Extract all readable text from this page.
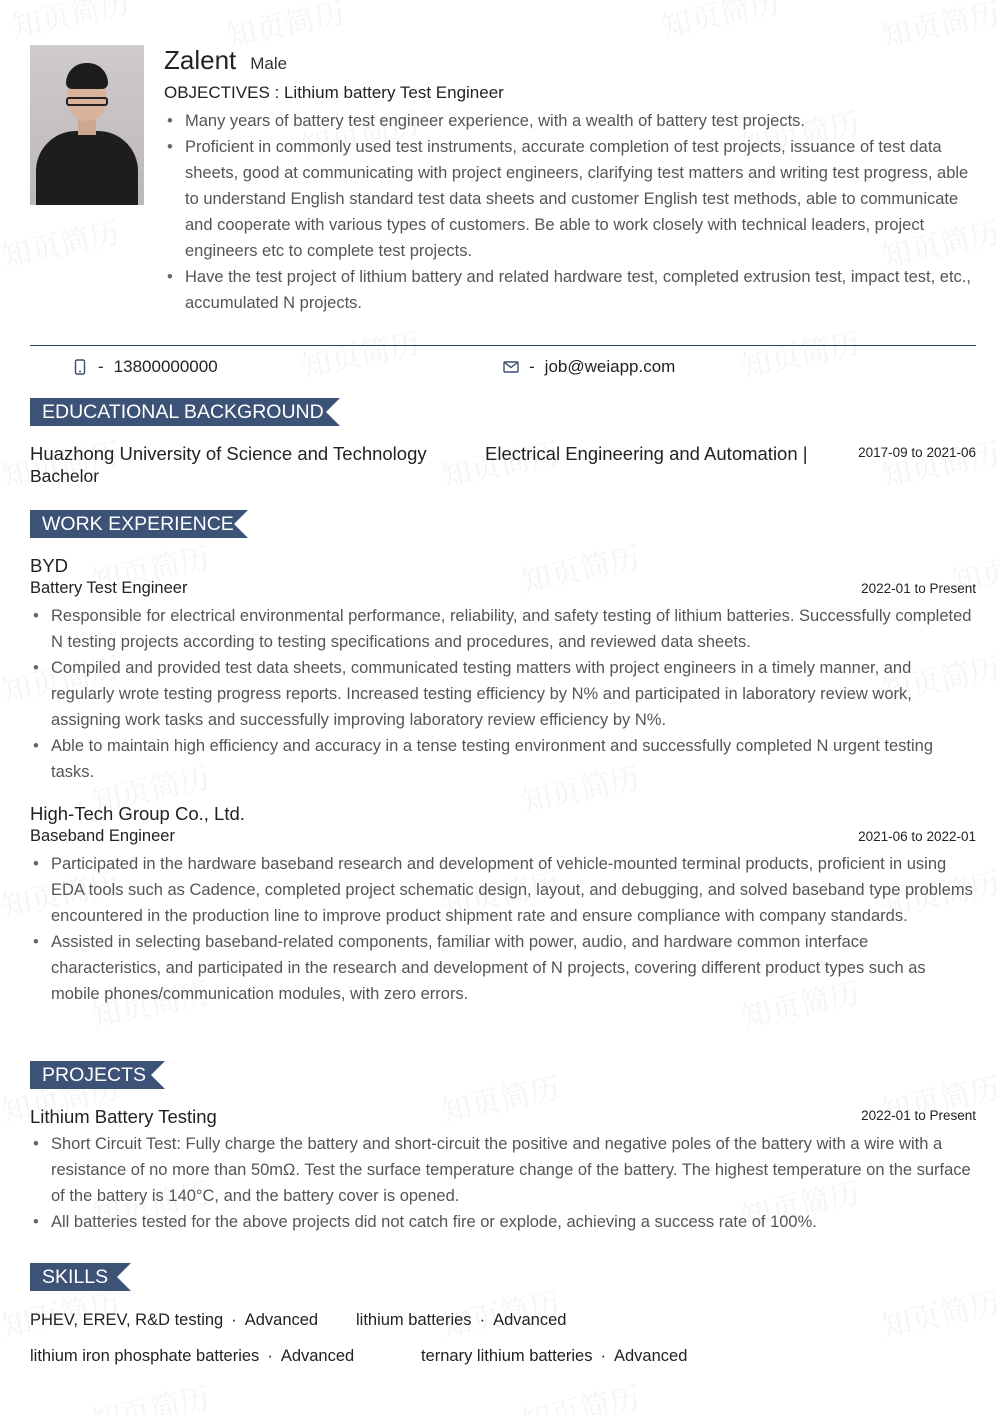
Zalent Male
OBJECTIVES : Lithium battery Test Engineer
• Many years of battery test engineer experience, with a wealth of battery test projects.
• Proficient in commonly used test instruments, accurate completion of test projects, issuance of test data sheets, good at communicating with project engineers, clarifying test matters and writing test progress, able to understand English standard test data sheets and customer English test methods, able to communicate and cooperate with various types of customers. Be able to work closely with technical leaders, project engineers etc to complete test projects.
• Have the test project of lithium battery and related hardware test, completed extrusion test, impact test, etc., accumulated N projects.
- 13800000000	- job@weiapp.com
EDUCATIONAL BACKGROUND
Huazhong University of Science and Technology	Electrical Engineering and Automation |
Bachelor
2017-09 to 2021-06
WORK EXPERIENCE
BYD
Battery Test Engineer	2022-01 to Present
• Responsible for electrical environmental performance, reliability, and safety testing of lithium batteries. Successfully completed N testing projects according to testing specifications and procedures, and reviewed data sheets.
• Compiled and provided test data sheets, communicated testing matters with project engineers in a timely manner, and regularly wrote testing progress reports. Increased testing efficiency by N% and participated in laboratory review work, assigning work tasks and successfully improving laboratory review efficiency by N%.
• Able to maintain high efficiency and accuracy in a tense testing environment and successfully completed N urgent testing tasks.
High-Tech Group Co., Ltd.
Baseband Engineer	2021-06 to 2022-01
• Participated in the hardware baseband research and development of vehicle-mounted terminal products, proficient in using EDA tools such as Cadence, completed project schematic design, layout, and debugging, and solved baseband type problems encountered in the production line to improve product shipment rate and ensure compliance with company standards.
• Assisted in selecting baseband-related components, familiar with power, audio, and hardware common interface characteristics, and participated in the research and development of N projects, covering different product types such as mobile phones/communication modules, with zero errors.
PROJECTS
Lithium Battery Testing	2022-01 to Present
• Short Circuit Test: Fully charge the battery and short-circuit the positive and negative poles of the battery with a wire with a resistance of no more than 50mΩ. Test the surface temperature change of the battery. The highest temperature on the surface of the battery is 140°C, and the battery cover is opened.
• All batteries tested for the above projects did not catch fire or explode, achieving a success rate of 100%.
SKILLS
PHEV, EREV, R&D testing · Advanced lithium batteries · Advanced
lithium iron phosphate batteries · Advanced	ternary lithium batteries · Advanced
